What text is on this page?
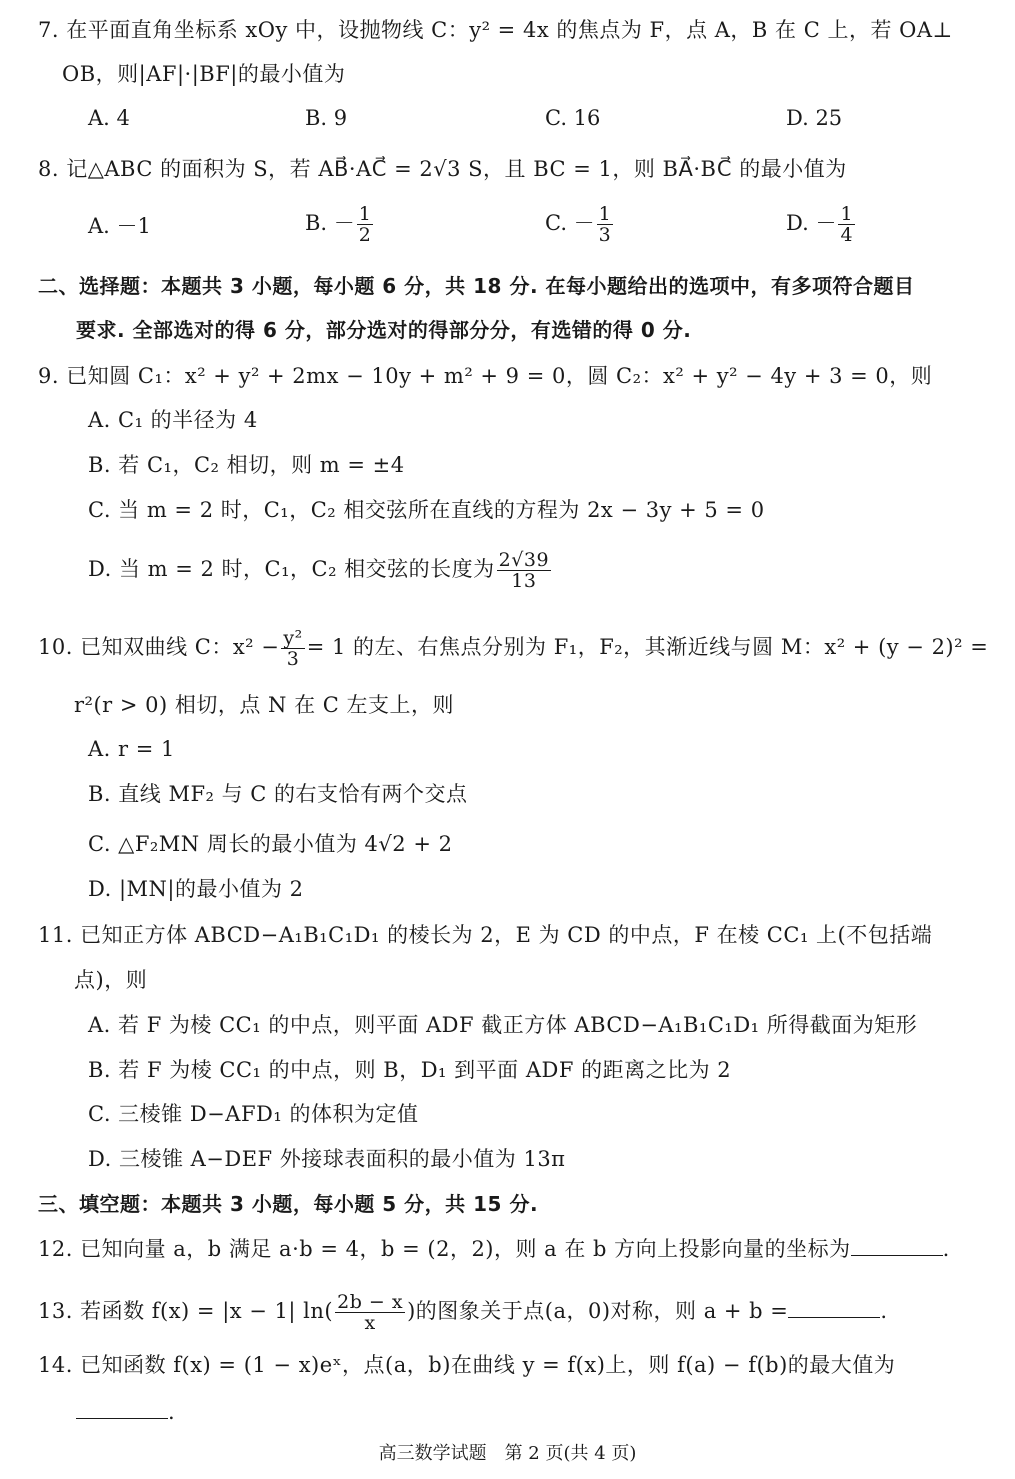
7. 在平面直角坐标系 xOy 中，设抛物线 C：y² = 4x 的焦点为 F，点 A，B 在 C 上，若 OA⊥
OB，则|AF|·|BF|的最小值为
A. 4	B. 9	C. 16	D. 25
8. 记△ABC 的面积为 S，若 AB⃗·AC⃗ = 2√3 S，且 BC = 1，则 BA⃗·BC⃗ 的最小值为
A. －1	B. － $\frac{1}{2}$	C. － $\frac{1}{3}$	D. － $\frac{1}{4}$
二、选择题：本题共 3 小题，每小题 6 分，共 18 分. 在每小题给出的选项中，有多项符合题目
要求. 全部选对的得 6 分，部分选对的得部分分，有选错的得 0 分.
9. 已知圆 C₁：x² + y² + 2mx − 10y + m² + 9 = 0，圆 C₂：x² + y² − 4y + 3 = 0，则
A. C₁ 的半径为 4
B. 若 C₁，C₂ 相切，则 m = ±4
C. 当 m = 2 时，C₁，C₂ 相交弦所在直线的方程为 2x − 3y + 5 = 0
D. 当 m = 2 时，C₁，C₂ 相交弦的长度为 $\frac{2√39}{13}$
10. 已知双曲线 C：$x^2 - \frac{\text{y²}}{3} = 1$ 的左、右焦点分别为 F₁，F₂，其渐近线与圆 M：x² + (y − 2)² =
r²(r > 0) 相切，点 N 在 C 左支上，则
A. r = 1
B. 直线 MF₂ 与 C 的右支恰有两个交点
C. △F₂MN 周长的最小值为 4√2 + 2
D. |MN|的最小值为 2
11. 已知正方体 ABCD−A₁B₁C₁D₁ 的棱长为 2，E 为 CD 的中点，F 在棱 CC₁ 上(不包括端
点)，则
A. 若 F 为棱 CC₁ 的中点，则平面 ADF 截正方体 ABCD−A₁B₁C₁D₁ 所得截面为矩形
B. 若 F 为棱 CC₁ 的中点，则 B，D₁ 到平面 ADF 的距离之比为 2
C. 三棱锥 D−AFD₁ 的体积为定值
D. 三棱锥 A−DEF 外接球表面积的最小值为 13π
三、填空题：本题共 3 小题，每小题 5 分，共 15 分.
12. 已知向量 a，b 满足 a·b = 4，b = (2，2)，则 a 在 b 方向上投影向量的坐标为	.
13. 若函数 f(x) = |x − 1| $\ln( \frac{2b - x}{x}$ )的图象关于点(a，0)对称，则 a + b =	.
14. 已知函数 f(x) = (1 − x)eˣ，点(a，b)在曲线 y = f(x)上，则 f(a) − f(b)的最大值为
.
高三数学试题　第 2 页(共 4 页)
